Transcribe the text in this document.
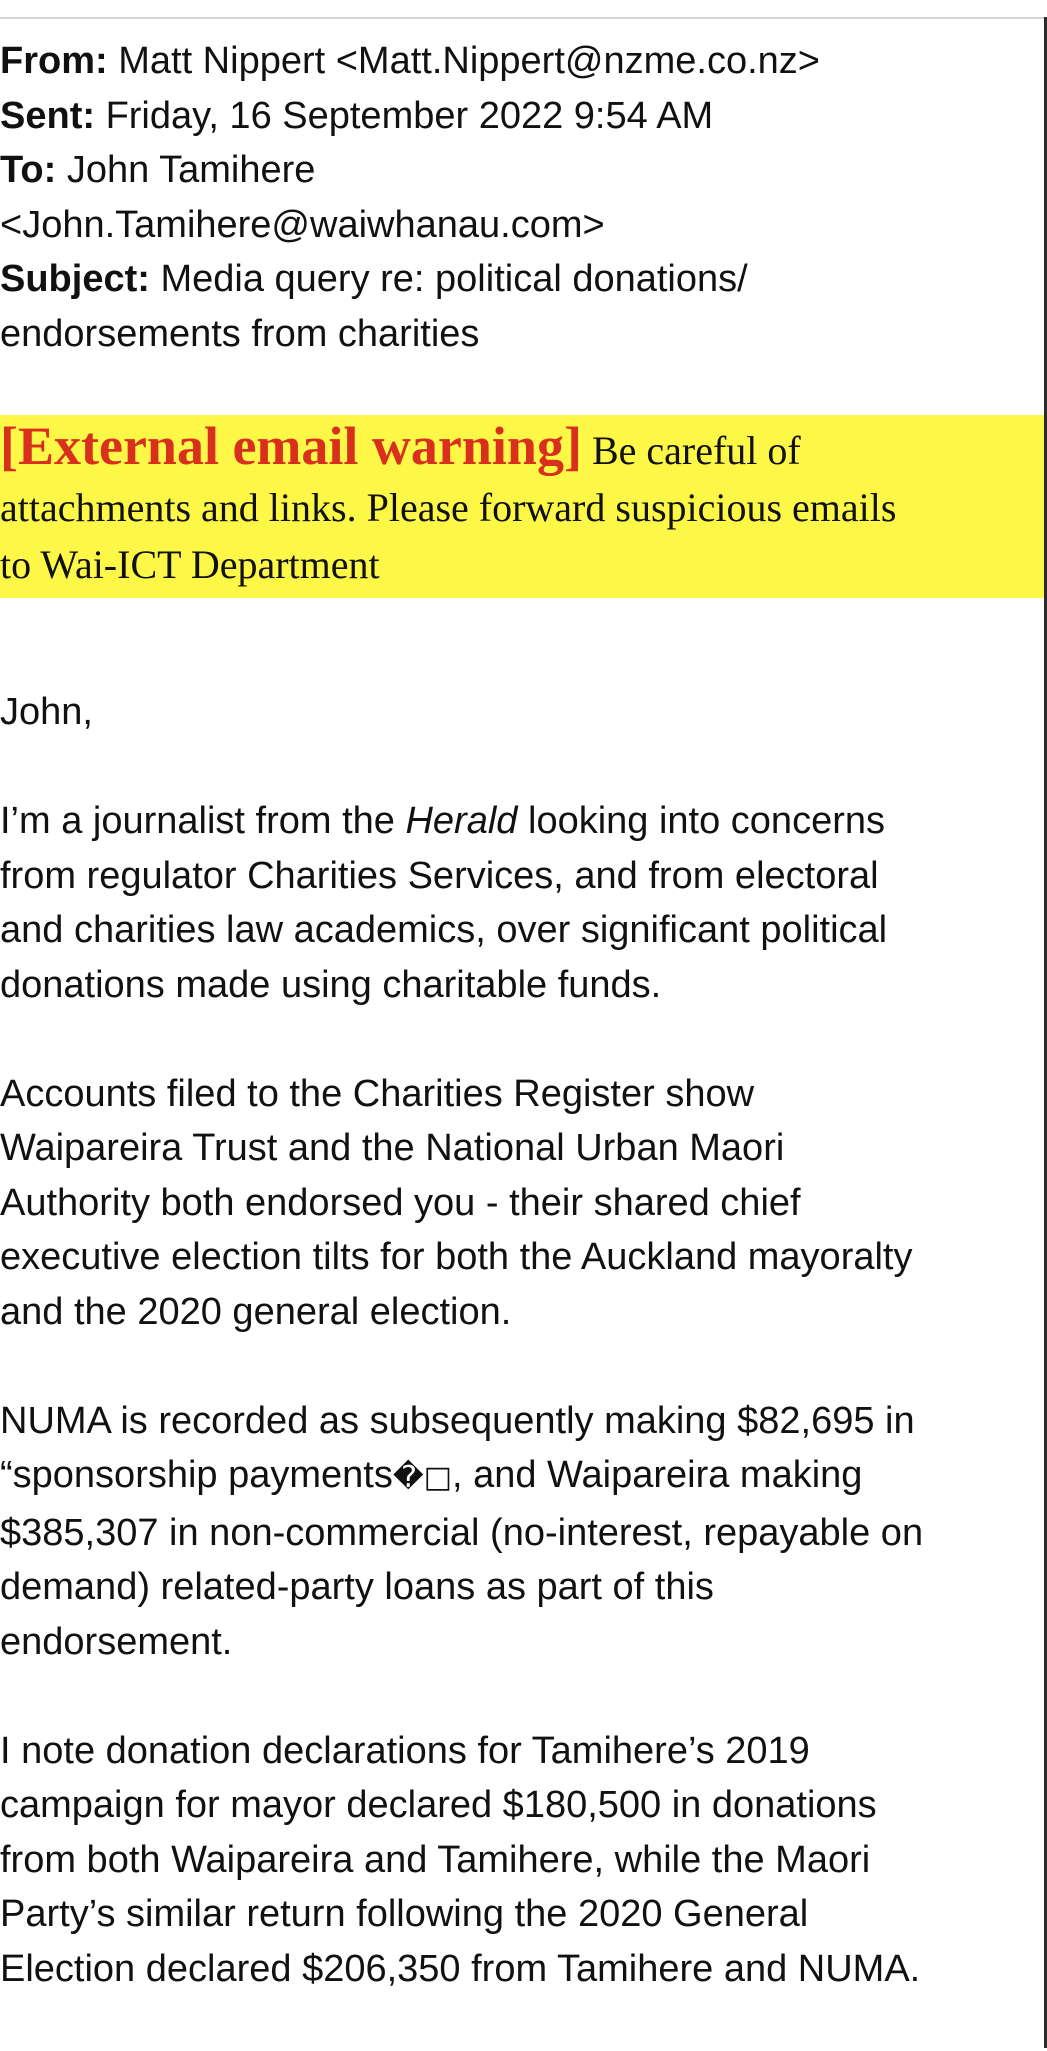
From: Matt Nippert <Matt.Nippert@nzme.co.nz>

Sent: Friday, 16 September 2022 9:54 AM

To: John Tamihere

<John.Tamihere@waiwhanau.com>

Subject: Media query re: political donations/

endorsements from charities

[External email warning] Be careful of

attachments and links. Please forward suspicious emails

to Wai-ICT Department

John,

I’m a journalist from the Herald looking into concerns
from regulator Charities Services, and from electoral
and charities law academics, over significant political
donations made using charitable funds.

Accounts filed to the Charities Register show
Waipareira Trust and the National Urban Maori
Authority both endorsed you - their shared chief
executive election tilts for both the Auckland mayoralty
and the 2020 general election.

NUMA is recorded as subsequently making $82,695 in
“sponsorship payments�□, and Waipareira making
$385,307 in non-commercial (no-interest, repayable on
demand) related-party loans as part of this
endorsement.

I note donation declarations for Tamihere’s 2019
campaign for mayor declared $180,500 in donations
from both Waipareira and Tamihere, while the Maori
Party’s similar return following the 2020 General
Election declared $206,350 from Tamihere and NUMA.
